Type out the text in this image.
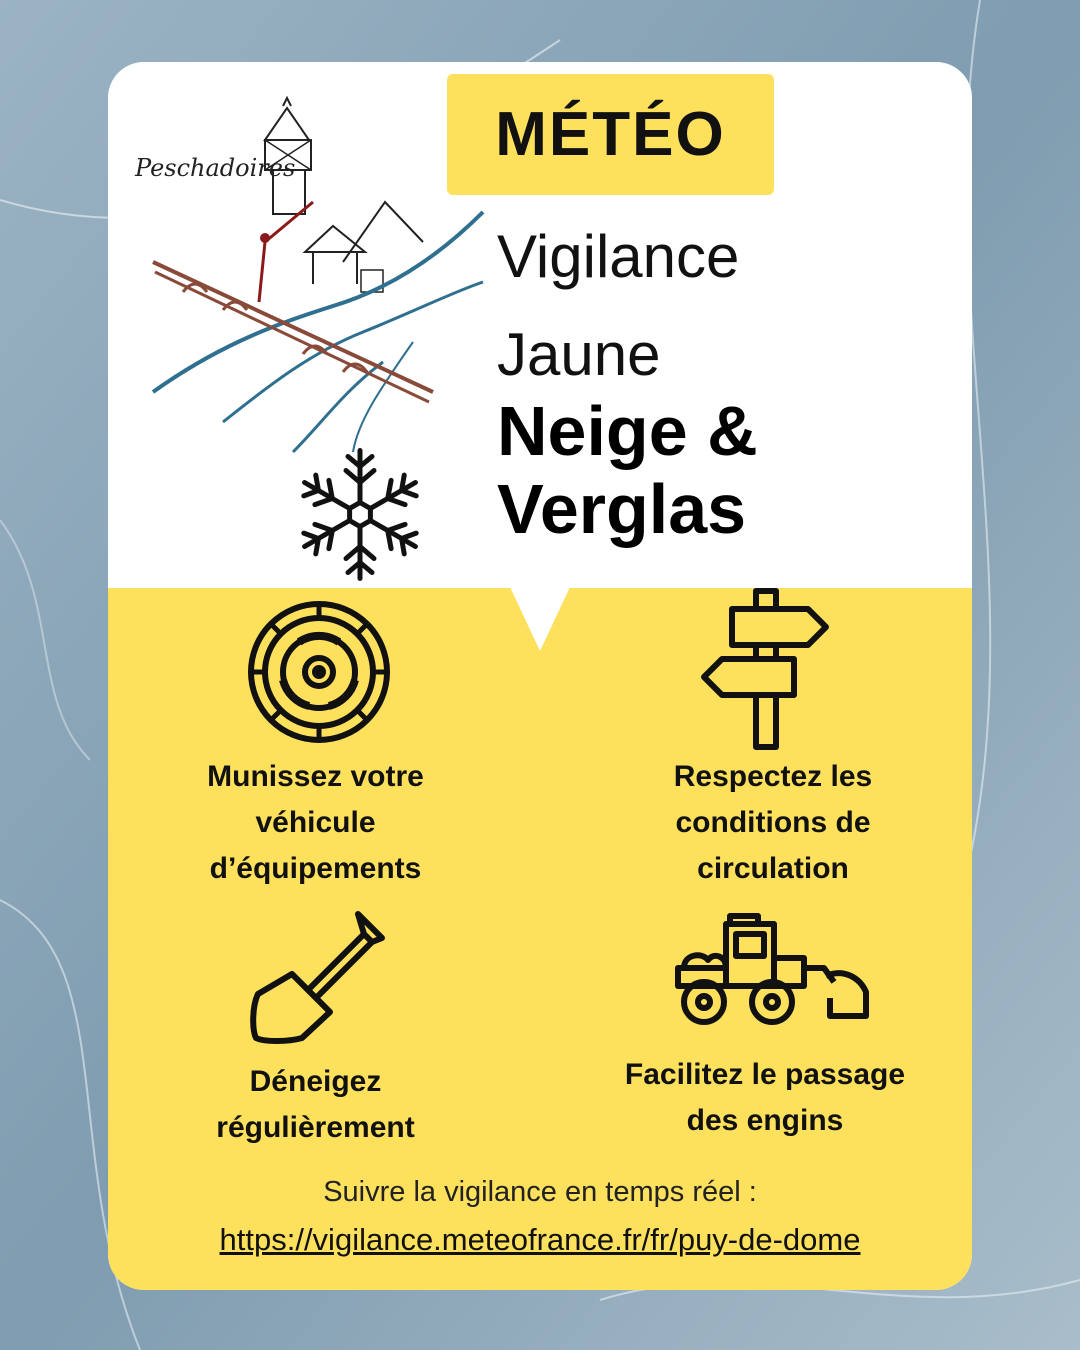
MÉTÉO
Vigilance
Jaune
Neige &
Verglas
Peschadoires
Munissez votre
véhicule
d’équipements
Respectez les
conditions de
circulation
Déneigez
régulièrement
Facilitez le passage
des engins
Suivre la vigilance en temps réel :
https://vigilance.meteofrance.fr/fr/puy-de-dome
